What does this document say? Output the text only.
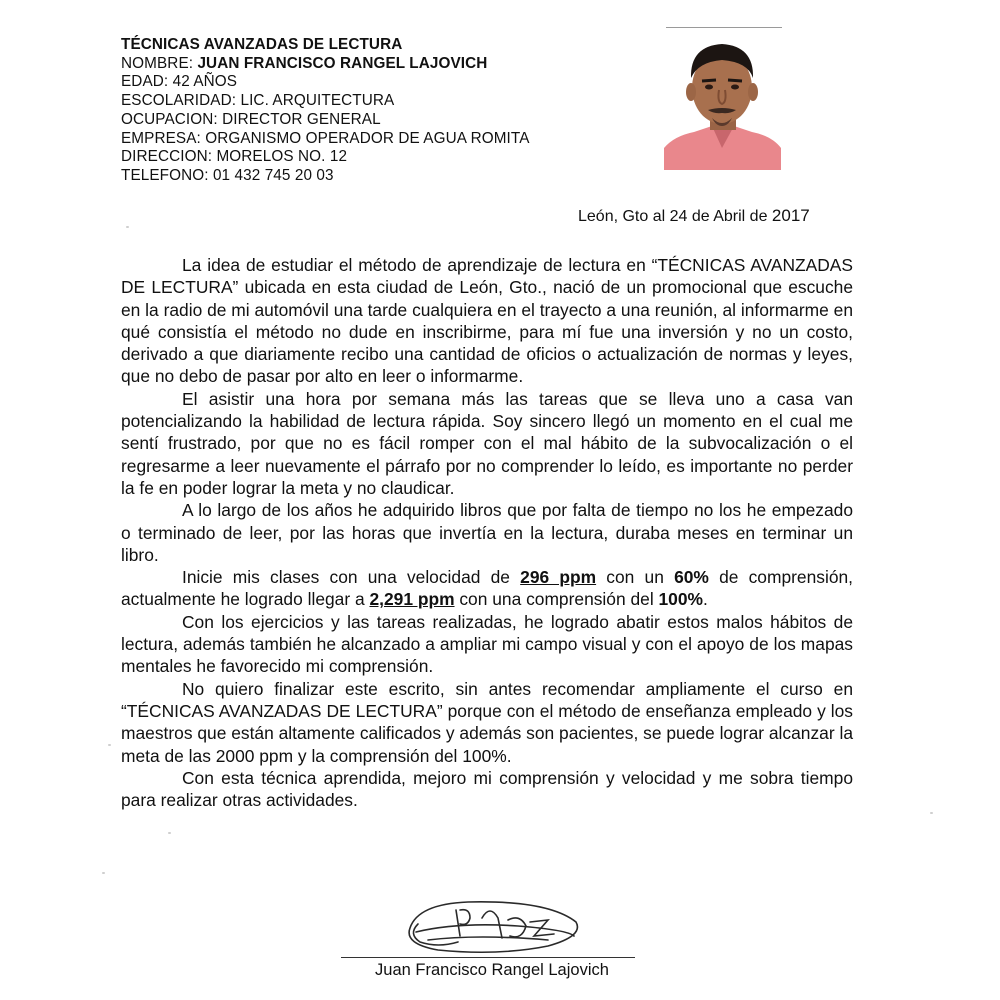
TÉCNICAS AVANZADAS DE LECTURA
NOMBRE: JUAN FRANCISCO RANGEL LAJOVICH
EDAD: 42 AÑOS
ESCOLARIDAD: LIC. ARQUITECTURA
OCUPACION: DIRECTOR GENERAL
EMPRESA: ORGANISMO OPERADOR DE AGUA ROMITA
DIRECCION: MORELOS NO. 12
TELEFONO: 01 432 745 20 03
León, Gto al 24 de Abril de 2017

La idea de estudiar el método de aprendizaje de lectura en “TÉCNICAS AVANZADAS DE LECTURA” ubicada en esta ciudad de León, Gto., nació de un promocional que escuche en la radio de mi automóvil una tarde cualquiera en el trayecto a una reunión, al informarme en qué consistía el método no dude en inscribirme, para mí fue una inversión y no un costo, derivado a que diariamente recibo una cantidad de oficios o actualización de normas y leyes, que no debo de pasar por alto en leer o informarme.

El asistir una hora por semana más las tareas que se lleva uno a casa van potencializando la habilidad de lectura rápida. Soy sincero llegó un momento en el cual me sentí frustrado, por que no es fácil romper con el mal hábito de la subvocalización o el regresarme a leer nuevamente el párrafo por no comprender lo leído, es importante no perder la fe en poder lograr la meta y no claudicar.

A lo largo de los años he adquirido libros que por falta de tiempo no los he empezado o terminado de leer, por las horas que invertía en la lectura, duraba meses en terminar un libro.

Inicie mis clases con una velocidad de 296 ppm con un 60% de comprensión, actualmente he logrado llegar a 2,291 ppm con una comprensión del 100%.

Con los ejercicios y las tareas realizadas, he logrado abatir estos malos hábitos de lectura, además también he alcanzado a ampliar mi campo visual y con el apoyo de los mapas mentales he favorecido mi comprensión.

No quiero finalizar este escrito, sin antes recomendar ampliamente el curso en “TÉCNICAS AVANZADAS DE LECTURA” porque con el método de enseñanza empleado y los maestros que están altamente calificados y además son pacientes, se puede lograr alcanzar la meta de las 2000 ppm y la comprensión del 100%.

Con esta técnica aprendida, mejoro mi comprensión y velocidad y me sobra tiempo para realizar otras actividades.

Juan Francisco Rangel Lajovich
